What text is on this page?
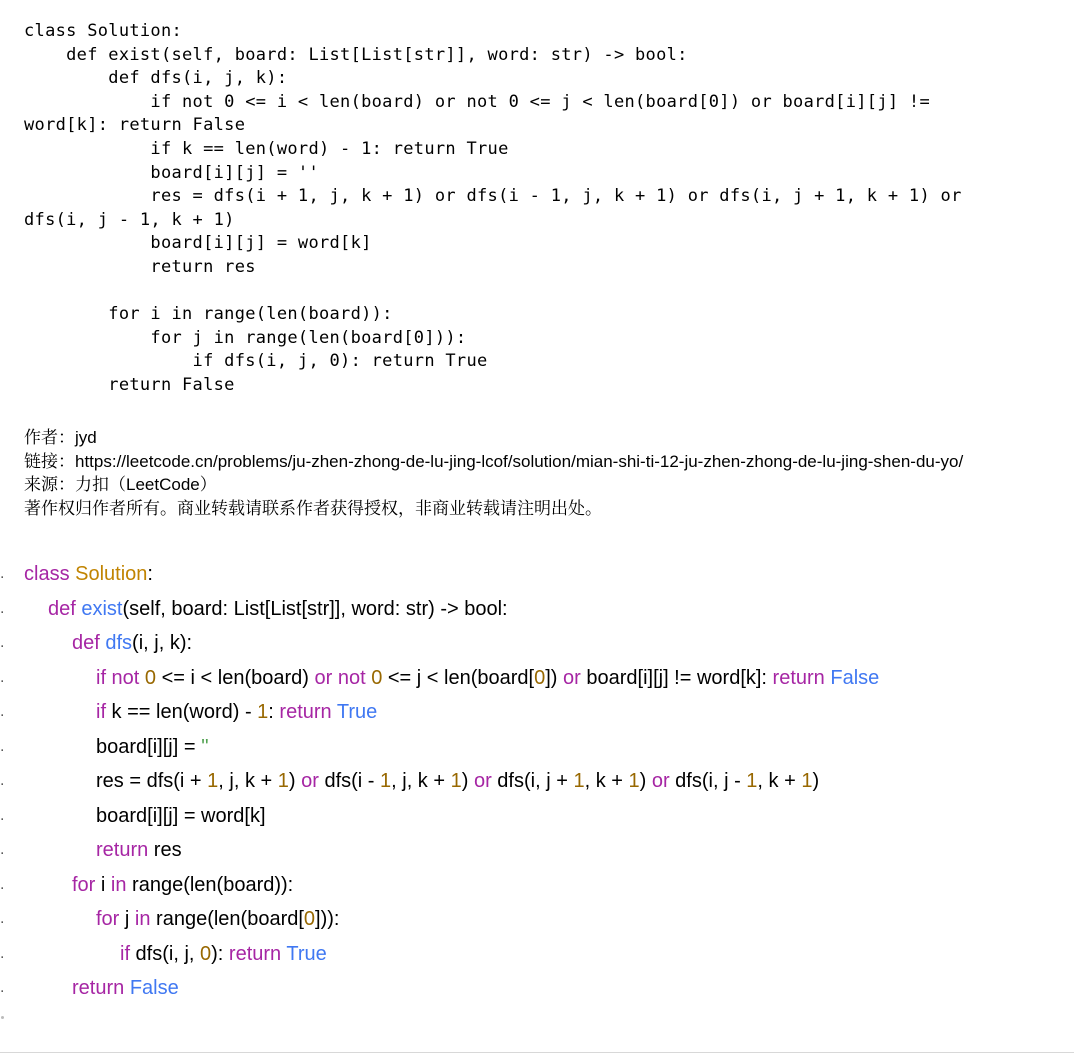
class Solution:
def exist(self, board: List[List[str]], word: str) -> bool:
def dfs(i, j, k):
if not 0 <= i < len(board) or not 0 <= j < len(board[0]) or board[i][j] !=
word[k]: return False
if k == len(word) - 1: return True
board[i][j] = ''
res = dfs(i + 1, j, k + 1) or dfs(i - 1, j, k + 1) or dfs(i, j + 1, k + 1) or
dfs(i, j - 1, k + 1)
board[i][j] = word[k]
return res
for i in range(len(board)):
for j in range(len(board[0])):
if dfs(i, j, 0): return True
return False
作者：jyd
链接：https://leetcode.cn/problems/ju-zhen-zhong-de-lu-jing-lcof/solution/mian-shi-ti-12-ju-zhen-zhong-de-lu-jing-shen-du-yo/
来源：力扣（LeetCode）
著作权归作者所有。商业转载请联系作者获得授权，非商业转载请注明出处。
. class Solution:
. def exist(self, board: List[List[str]], word: str) -> bool:
.	def dfs(i, j, k):
.	if not 0 <= i < len(board) or not 0 <= j < len(board[0]) or board[i][j] != word[k]: return False
.	if k == len(word) - 1: return True
.	board[i][j] = ''
.	res = dfs(i + 1, j, k + 1) or dfs(i - 1, j, k + 1) or dfs(i, j + 1, k + 1) or dfs(i, j - 1, k + 1)
.	board[i][j] = word[k]
.	return res
.	for i in range(len(board)):
.	for j in range(len(board[0])):
.	if dfs(i, j, 0): return True
.	return False
